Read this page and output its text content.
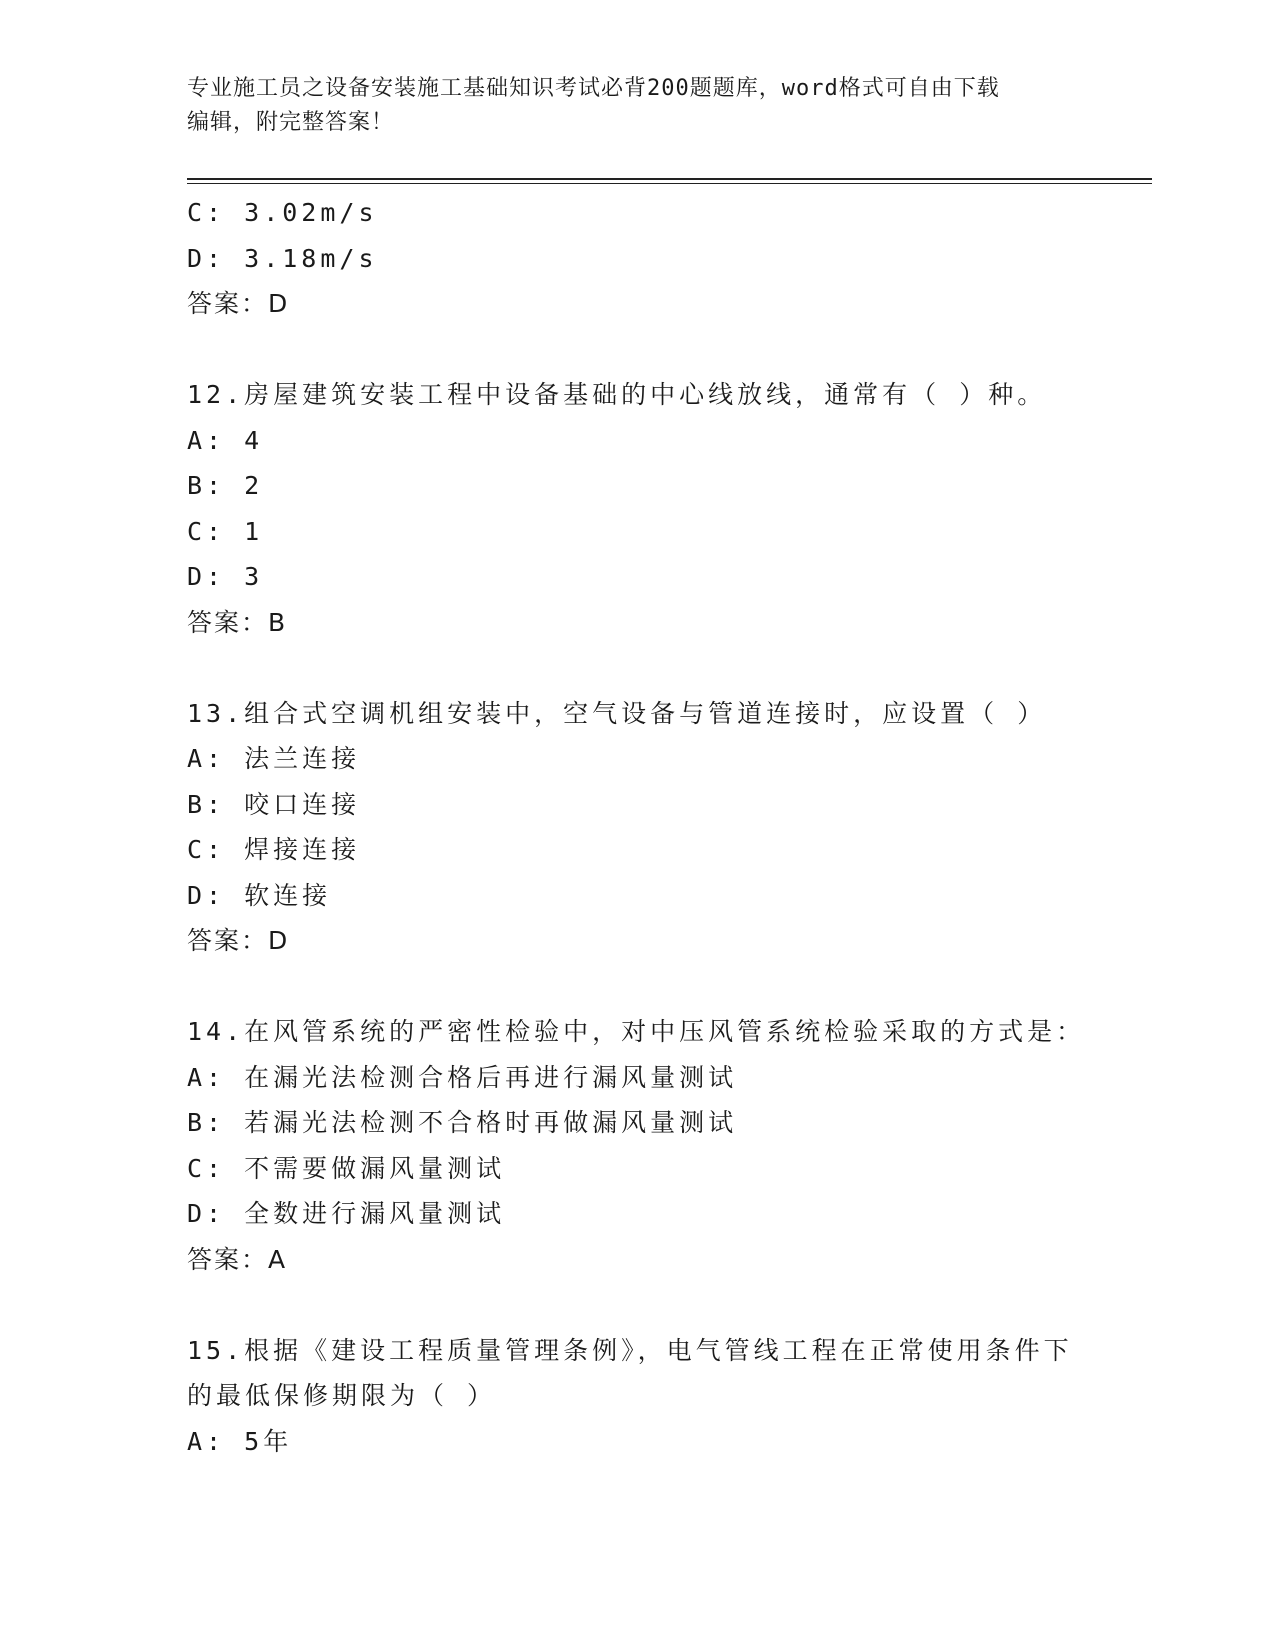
专业施工员之设备安装施工基础知识考试必背200题题库，word格式可自由下载
编辑，附完整答案！
C: 3.02m/s
D: 3.18m/s
答案：D
12.房屋建筑安装工程中设备基础的中心线放线，通常有（ ）种。
A: 4
B: 2
C: 1
D: 3
答案：B
13.组合式空调机组安装中，空气设备与管道连接时，应设置（ ）
A: 法兰连接
B: 咬口连接
C: 焊接连接
D: 软连接
答案：D
14.在风管系统的严密性检验中，对中压风管系统检验采取的方式是：
A: 在漏光法检测合格后再进行漏风量测试
B: 若漏光法检测不合格时再做漏风量测试
C: 不需要做漏风量测试
D: 全数进行漏风量测试
答案：A
15.根据《建设工程质量管理条例》，电气管线工程在正常使用条件下
的最低保修期限为（ ）
A: 5年
